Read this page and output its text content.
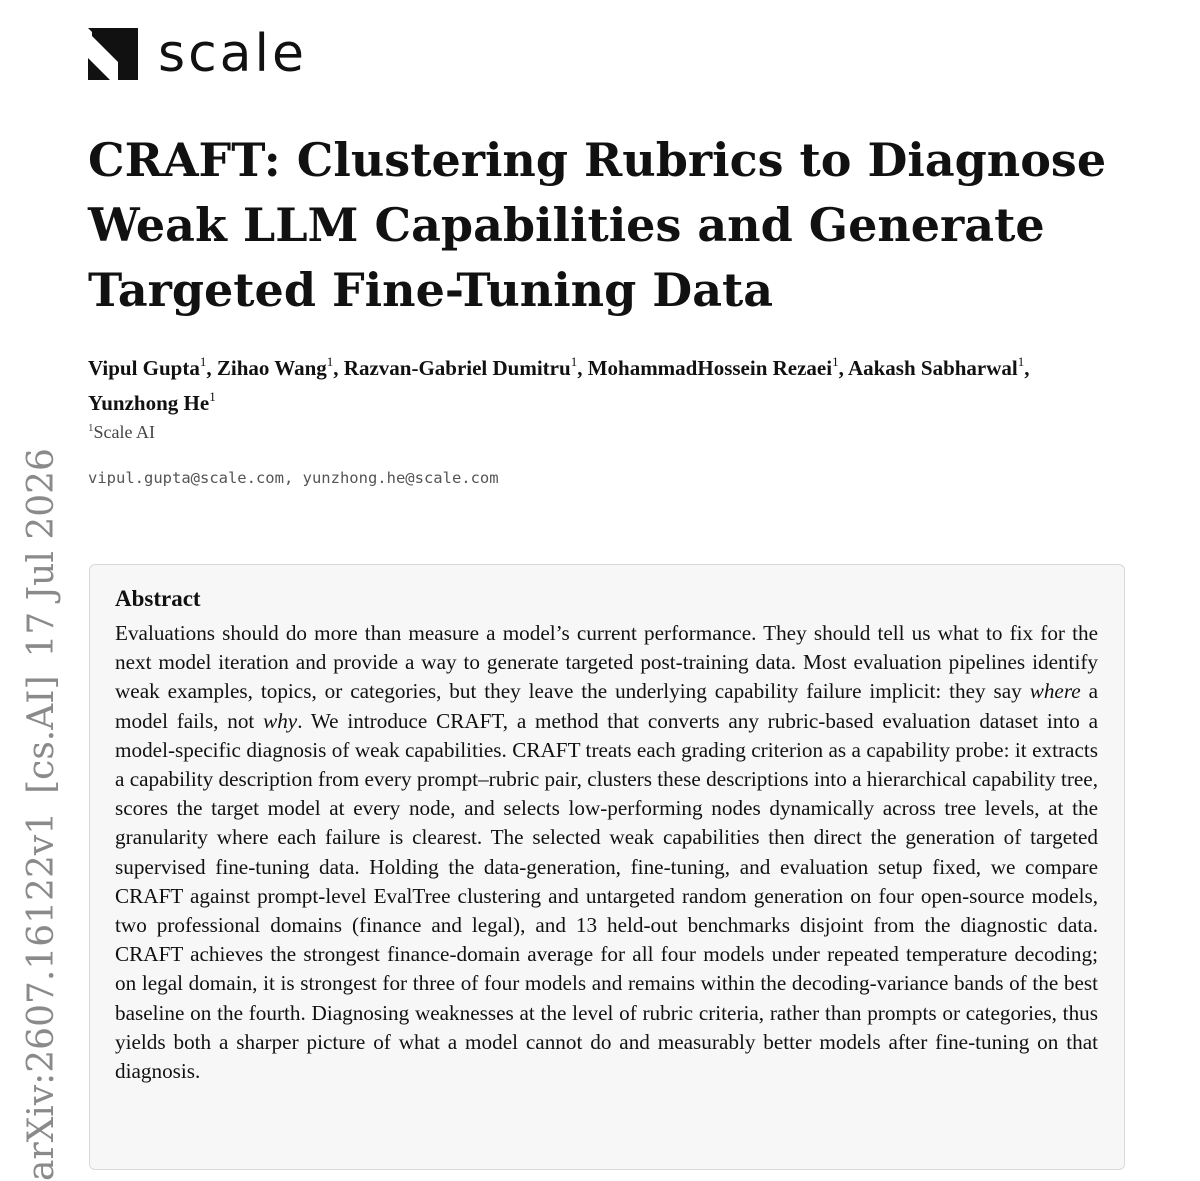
scale
arXiv:2607.16122v1[cs.AI]17 Jul 2026
CRAFT: Clustering Rubrics to Diagnose Weak LLM Capabilities and Generate Targeted Fine-Tuning Data
Vipul Gupta$^1$, Zihao Wang$^1$, Razvan-Gabriel Dumitru$^1$, MohammadHossein Rezaei$^1$, Aakash Sabharwal$^1$, Yunzhong He$^1$
$^1$Scale AI
vipul.gupta@scale.com, yunzhong.he@scale.com
Abstract

Evaluations should do more than measure a model’s current performance. They should tell us what to fix for the next model iteration and provide a way to generate targeted post-training data. Most evaluation pipelines identify weak examples, topics, or categories, but they leave the underlying capability failure implicit: they say where a model fails, not why. We introduce CRAFT, a method that converts any rubric-based evaluation dataset into a model-specific diagnosis of weak capabilities. CRAFT treats each grading criterion as a capability probe: it extracts a capability description from every prompt–rubric pair, clusters these descriptions into a hierarchical capability tree, scores the target model at every node, and selects low-performing nodes dynamically across tree levels, at the granularity where each failure is clearest. The selected weak capabilities then direct the generation of targeted supervised fine-tuning data. Holding the data-generation, fine-tuning, and evaluation setup fixed, we compare CRAFT against prompt-level EvalTree clustering and untargeted random generation on four open-source models, two professional domains (finance and legal), and 13 held-out benchmarks disjoint from the diagnostic data. CRAFT achieves the strongest finance-domain average for all four models under repeated temperature decoding; on legal domain, it is strongest for three of four models and remains within the decoding-variance bands of the best baseline on the fourth. Diagnosing weaknesses at the level of rubric criteria, rather than prompts or categories, thus yields both a sharper picture of what a model cannot do and measurably better models after fine-tuning on that diagnosis.
